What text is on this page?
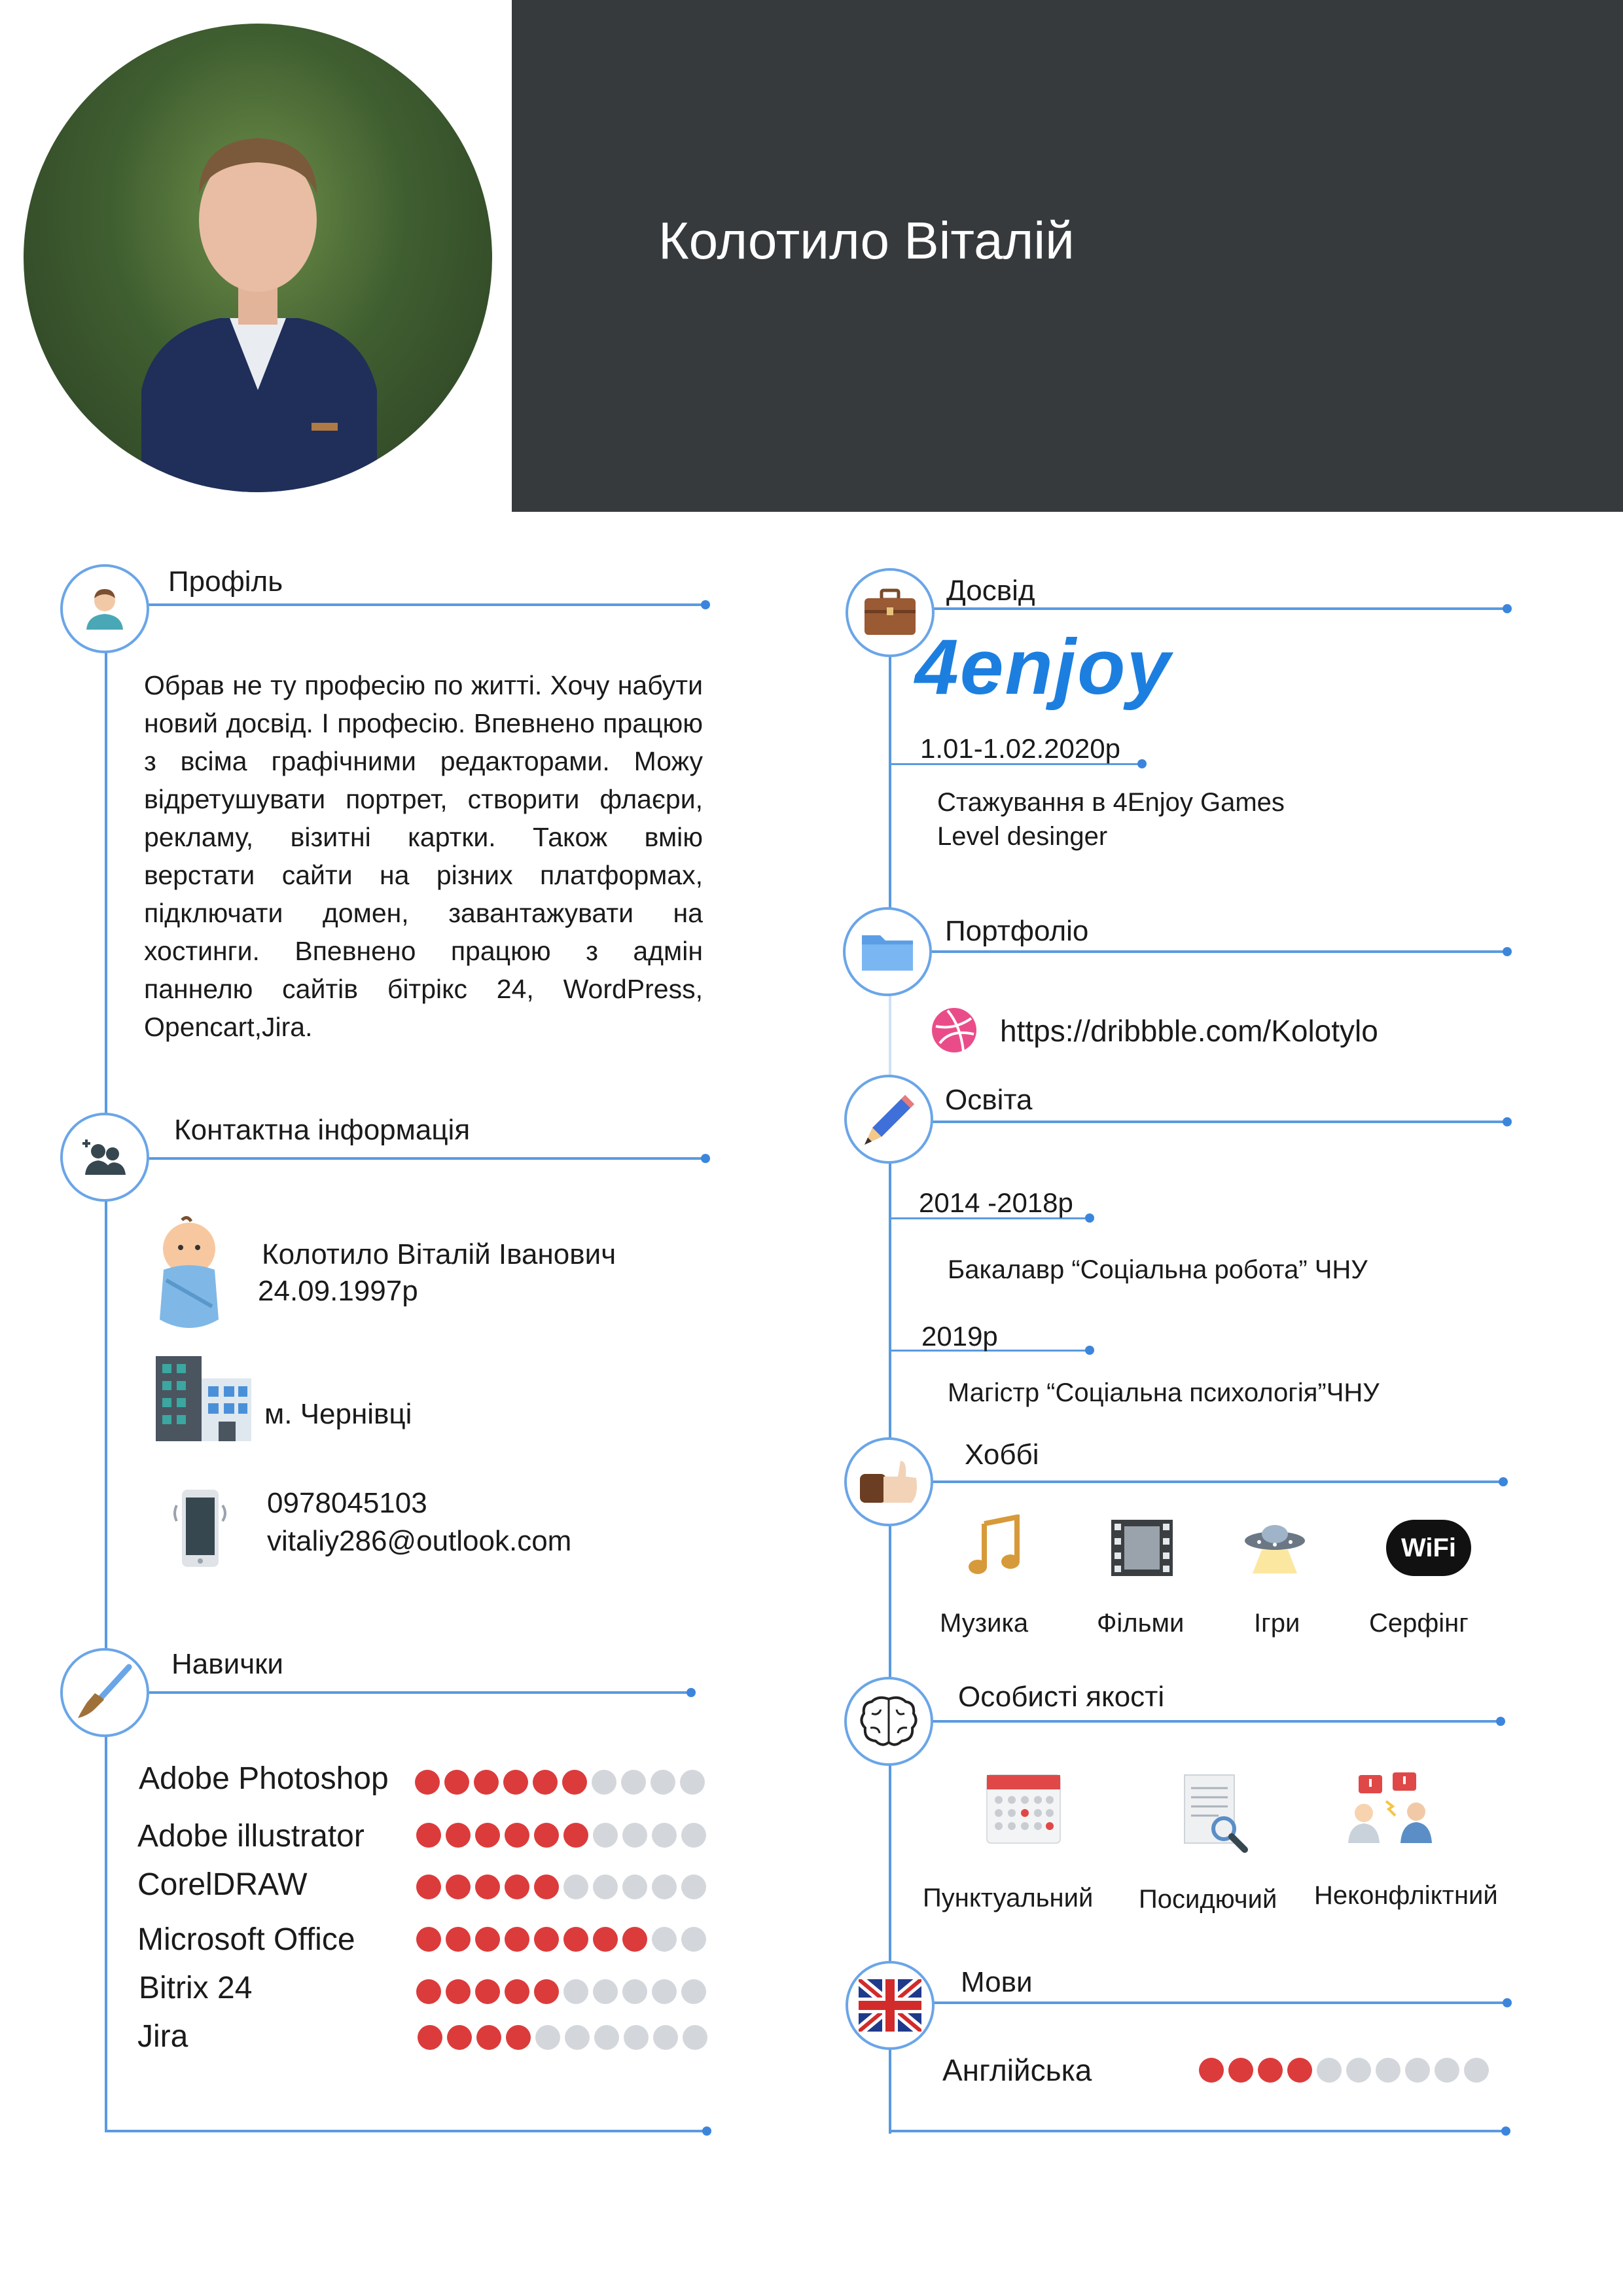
Колотило Віталій
Профіль
Обрав не ту професію по житті. Хочу набути новий досвід. І професію. Впевнено працюю з всіма графічними редакторами. Можу відретушувати портрет, створити флаєри, рекламу, візитні картки. Також вмію верстати сайти на різних платформах, підключати домен, завантажувати на хостинги. Впевнено працюю з адмін паннелю сайтів бітрікс 24, WordPress, Opencart,Jira.
Контактна інформація
Колотило Віталій Іванович
24.09.1997р
м. Чернівці
0978045103
vitaliy286@outlook.com
Навички
Adobe Photoshop
Adobe illustrator
CorelDRAW
Microsoft Office
Bitrix 24
Jira
Досвід
4enjoy
1.01-1.02.2020р
Стажування в 4Enjoy Games
Level desinger
Портфоліо
https://dribbble.com/Kolotylo
Освіта
2014 -2018р
Бакалавр “Соціальна робота” ЧНУ
2019р
Магістр “Соціальна психологія”ЧНУ
Хоббі
Музика	Фільми	Ігри
WiFi
Серфінг
Особисті якості
Пунктуальний Посидючий Неконфліктний
Мови
Англійська
